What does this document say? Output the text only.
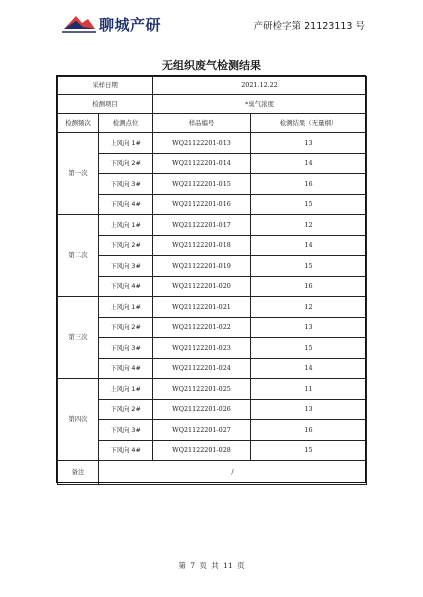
聊城产研	产研检字第 21123113 号
无组织废气检测结果
采样日期		2021.12.22	
检测项目		*臭气浓度	
检测频次	检测点位	样品编号	检测结果（无量纲）
第一次	上风向 1#	WQ21122201-013	13
	下风向 2#	WQ21122201-014	14
	下风向 3#	WQ21122201-015	16
	下风向 4#	WQ21122201-016	15
第二次	上风向 1#	WQ21122201-017	12
	下风向 2#	WQ21122201-018	14
	下风向 3#	WQ21122201-019	15
	下风向 4#	WQ21122201-020	16
第三次	上风向 1#	WQ21122201-021	12
	下风向 2#	WQ21122201-022	13
	下风向 3#	WQ21122201-023	15
	下风向 4#	WQ21122201-024	14
第四次	上风向 1#	WQ21122201-025	11
	下风向 2#	WQ21122201-026	13
	下风向 3#	WQ21122201-027	16
	下风向 4#	WQ21122201-028	15
备注	/		
第 7 页 共 11 页
